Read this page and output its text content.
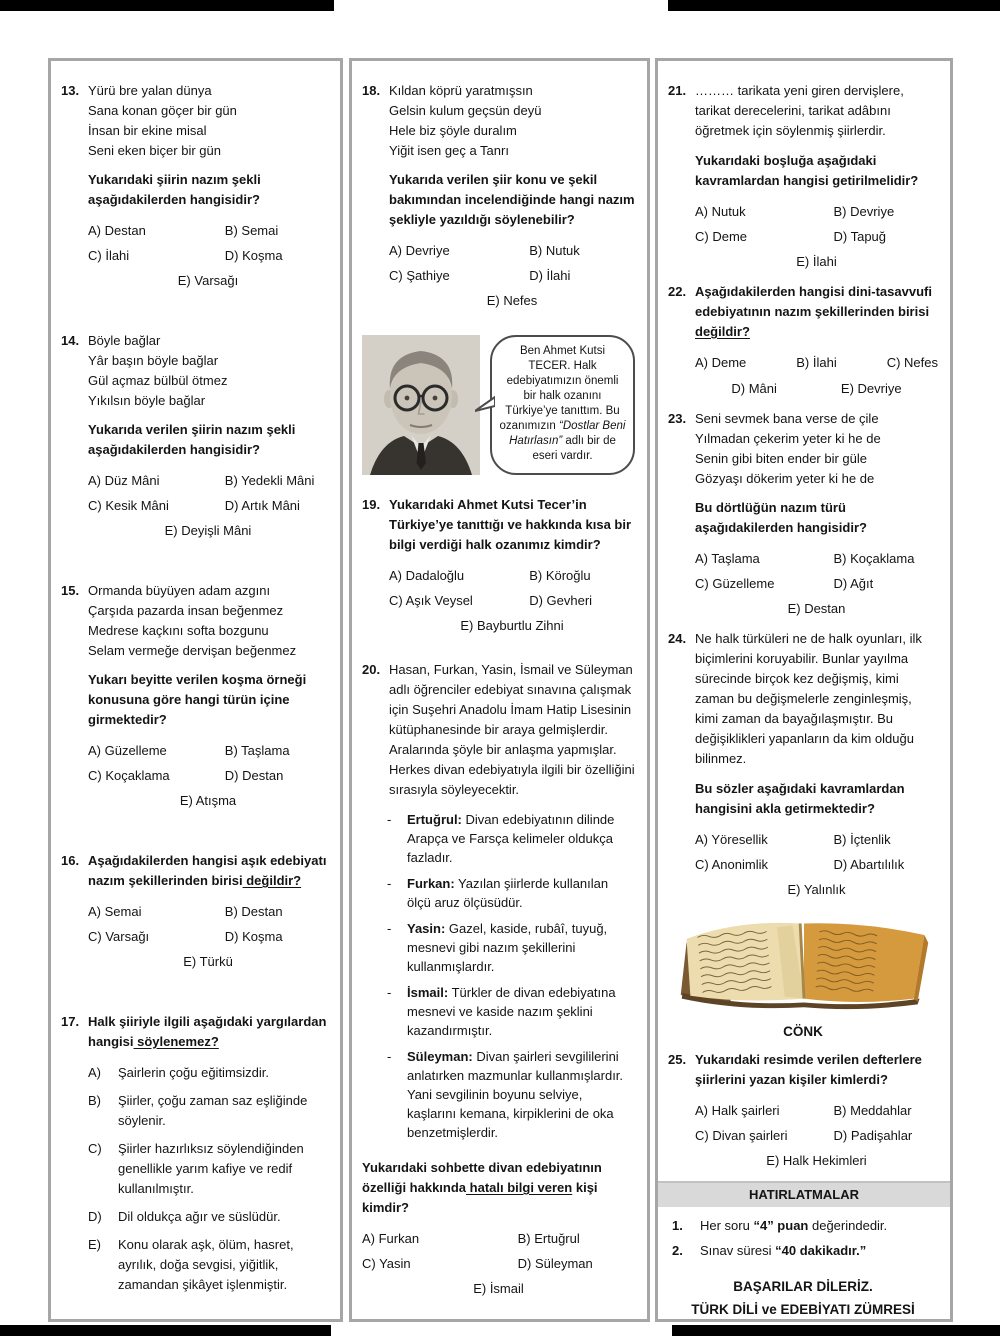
13. Yürü bre yalan dünya
Sana konan göçer bir gün
İnsan bir ekine misal
Seni eken biçer bir gün

Yukarıdaki şiirin nazım şekli aşağıdakilerden hangisidir?

A) Destan	B) Semai
C) İlahi	D) Koşma
E) Varsağı
14. Böyle bağlar
Yâr başın böyle bağlar
Gül açmaz bülbül ötmez
Yıkılsın böyle bağlar

Yukarıda verilen şiirin nazım şekli aşağıdakilerden hangisidir?

A) Düz Mâni	B) Yedekli Mâni
C) Kesik Mâni	D) Artık Mâni
E) Deyişli Mâni
15. Ormanda büyüyen adam azgını
Çarşıda pazarda insan beğenmez
Medrese kaçkını softa bozgunu
Selam vermeğe dervişan beğenmez

Yukarı beyitte verilen koşma örneği konusuna göre hangi türün içine girmektedir?

A) Güzelleme	B) Taşlama
C) Koçaklama	D) Destan
E) Atışma
16. Aşağıdakilerden hangisi aşık edebiyatı nazım şekillerinden birisi değildir?

A) Semai	B) Destan
C) Varsağı	D) Koşma
E) Türkü
17. Halk şiiriyle ilgili aşağıdaki yargılardan hangisi söylenemez?

A)	Şairlerin çoğu eğitimsizdir.
B)	Şiirler, çoğu zaman saz eşliğinde söylenir.
C)	Şiirler hazırlıksız söylendiğinden genellikle yarım kafiye ve redif kullanılmıştır.
D)	Dil oldukça ağır ve süslüdür.
E)	Konu olarak aşk, ölüm, hasret, ayrılık, doğa sevgisi, yiğitlik, zamandan şikâyet işlenmiştir.
18. Kıldan köprü yaratmışsın
Gelsin kulum geçsün deyü
Hele biz şöyle duralım
Yiğit isen geç a Tanrı

Yukarıda verilen şiir konu ve şekil bakımından incelendiğinde hangi nazım şekliyle yazıldığı söylenebilir?

A) Devriye	B) Nutuk
C) Şathiye	D) İlahi
E) Nefes
Ben Ahmet Kutsi TECER. Halk edebiyatımızın önemli bir halk ozanını Türkiye’ye tanıttım. Bu ozanımızın “Dostlar Beni Hatırlasın” adlı bir de eseri vardır.
19. Yukarıdaki Ahmet Kutsi Tecer’in Türkiye’ye tanıttığı ve hakkında kısa bir bilgi verdiği halk ozanımız kimdir?

A) Dadaloğlu	B) Köroğlu
C) Aşık Veysel	D) Gevheri
E) Bayburtlu Zihni
20. Hasan, Furkan, Yasin, İsmail ve Süleyman adlı öğrenciler edebiyat sınavına çalışmak için Suşehri Anadolu İmam Hatip Lisesinin kütüphanesinde bir araya gelmişlerdir. Aralarında şöyle bir anlaşma yapmışlar. Herkes divan edebiyatıyla ilgili bir özelliğini sırasıyla söyleyecektir.

-	Ertuğrul: Divan edebiyatının dilinde Arapça ve Farsça kelimeler oldukça fazladır.
-	Furkan: Yazılan şiirlerde kullanılan ölçü aruz ölçüsüdür.
-	Yasin: Gazel, kaside, rubâî, tuyuğ, mesnevi gibi nazım şekillerini kullanmışlardır.
-	İsmail: Türkler de divan edebiyatına mesnevi ve kaside nazım şeklini kazandırmıştır.
-	Süleyman: Divan şairleri sevgililerini anlatırken mazmunlar kullanmışlardır. Yani sevgilinin boyunu selviye, kaşlarını kemana, kirpiklerini de oka benzetmişlerdir.

Yukarıdaki sohbette divan edebiyatının özelliği hakkında hatalı bilgi veren kişi kimdir?

A) Furkan	B) Ertuğrul
C) Yasin	D) Süleyman
E) İsmail
21. ……… tarikata yeni giren dervişlere, tarikat derecelerini, tarikat adâbını öğretmek için söylenmiş şiirlerdir.

Yukarıdaki boşluğa aşağıdaki kavramlardan hangisi getirilmelidir?

A) Nutuk	B) Devriye
C) Deme	D) Tapuğ
E) İlahi
22. Aşağıdakilerden hangisi dini-tasavvufi edebiyatının nazım şekillerinden birisi değildir?

A) Deme	B) İlahi	C) Nefes
D) Mâni	E) Devriye
23. Seni sevmek bana verse de çile
Yılmadan çekerim yeter ki he de
Senin gibi biten ender bir güle
Gözyaşı dökerim yeter ki he de

Bu dörtlüğün nazım türü aşağıdakilerden hangisidir?

A) Taşlama	B) Koçaklama
C) Güzelleme	D) Ağıt
E) Destan
24. Ne halk türküleri ne de halk oyunları, ilk biçimlerini koruyabilir. Bunlar yayılma sürecinde birçok kez değişmiş, kimi zaman bu değişmelerle zenginleşmiş, kimi zaman da bayağılaşmıştır. Bu değişiklikleri yapanların da kim olduğu bilinmez.

Bu sözler aşağıdaki kavramlardan hangisini akla getirmektedir?

A) Yöresellik	B) İçtenlik
C) Anonimlik	D) Abartılılık
E) Yalınlık
CÖNK
25. Yukarıdaki resimde verilen defterlere şiirlerini yazan kişiler kimlerdi?

A) Halk şairleri	B) Meddahlar
C) Divan şairleri	D) Padişahlar
E) Halk Hekimleri
HATIRLATMALAR
1.	Her soru “4” puan değerindedir.
2.	Sınav süresi “40 dakikadır.”
BAŞARILAR DİLERİZ.
TÜRK DİLİ ve EDEBİYATI ZÜMRESİ
